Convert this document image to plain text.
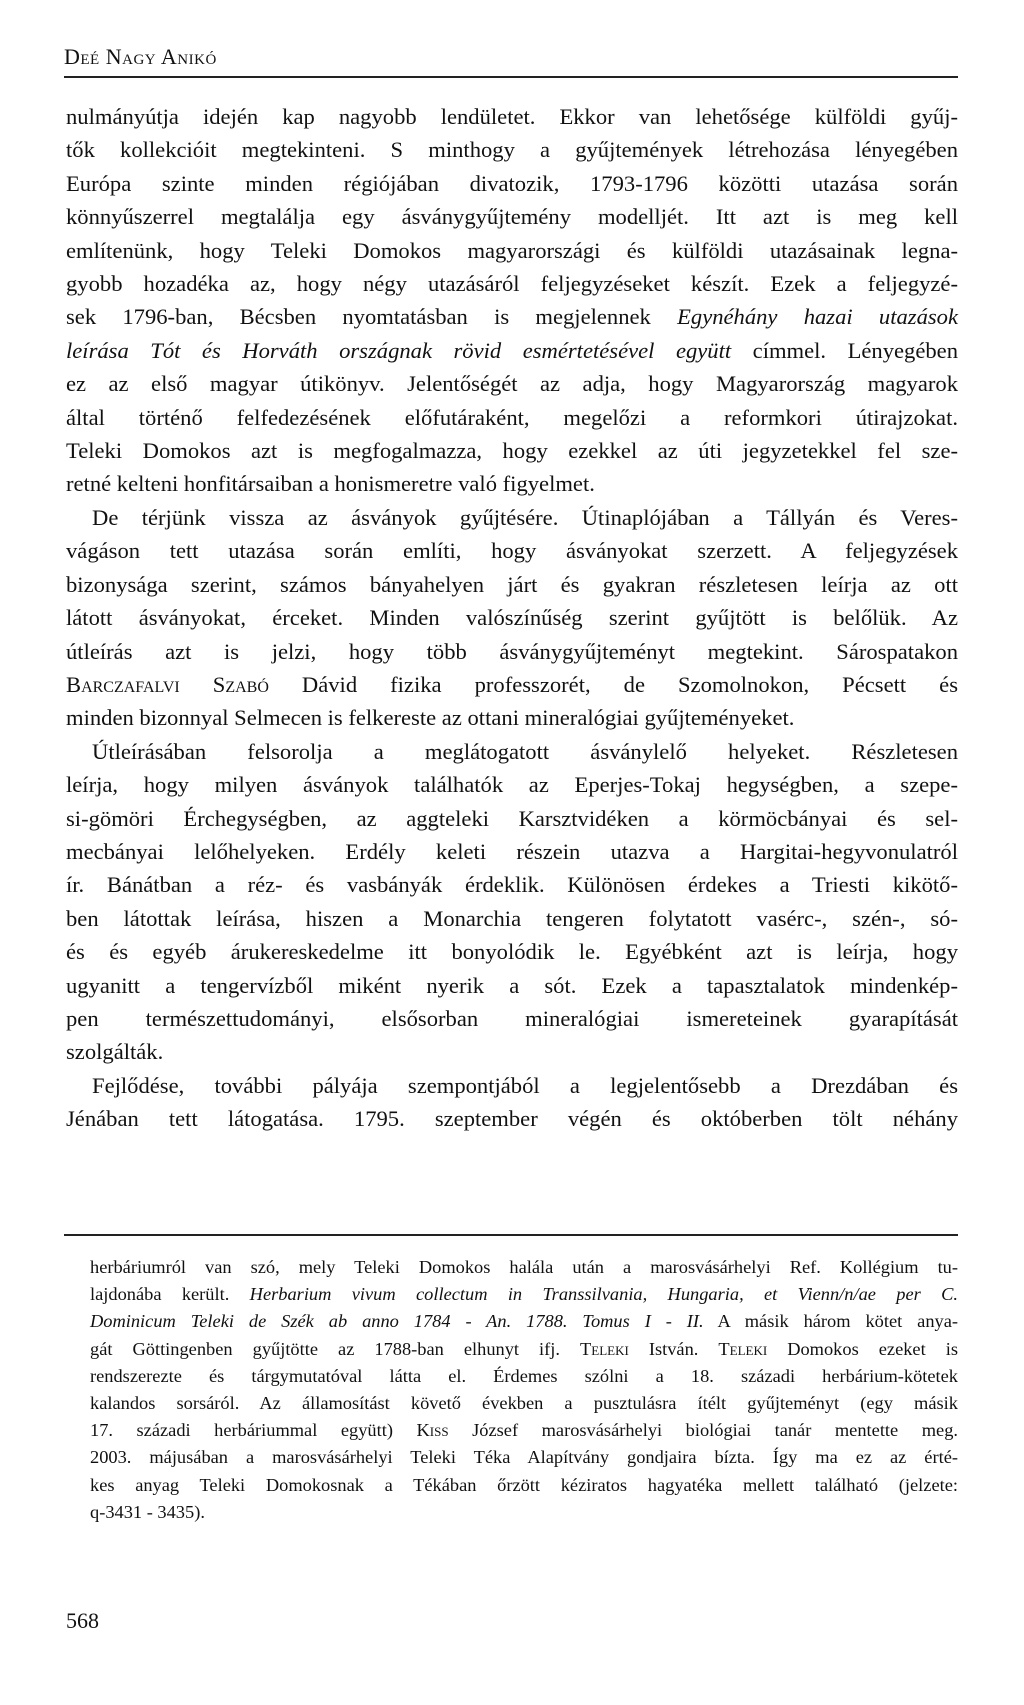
Deé Nagy Anikó
nulmányútja idején kap nagyobb lendületet. Ekkor van lehetősége külföldi gyűj-
tők kollekcióit megtekinteni. S minthogy a gyűjtemények létrehozása lényegében
Európa szinte minden régiójában divatozik, 1793-1796 közötti utazása során
könnyűszerrel megtalálja egy ásványgyűjtemény modelljét. Itt azt is meg kell
említenünk, hogy Teleki Domokos magyarországi és külföldi utazásainak legna-
gyobb hozadéka az, hogy négy utazásáról feljegyzéseket készít. Ezek a feljegyzé-
sek 1796-ban, Bécsben nyomtatásban is megjelennek Egynéhány hazai utazások
leírása Tót és Horváth országnak rövid esmértetésével együtt címmel. Lényegében
ez az első magyar útikönyv. Jelentőségét az adja, hogy Magyarország magyarok
által történő felfedezésének előfutáraként, megelőzi a reformkori útirajzokat.
Teleki Domokos azt is megfogalmazza, hogy ezekkel az úti jegyzetekkel fel sze-
retné kelteni honfitársaiban a honismeretre való figyelmet.
De térjünk vissza az ásványok gyűjtésére. Útinaplójában a Tállyán és Veres-
vágáson tett utazása során említi, hogy ásványokat szerzett. A feljegyzések
bizonysága szerint, számos bányahelyen járt és gyakran részletesen leírja az ott
látott ásványokat, érceket. Minden valószínűség szerint gyűjtött is belőlük. Az
útleírás azt is jelzi, hogy több ásványgyűjteményt megtekint. Sárospatakon
Barczafalvi Szabó Dávid fizika professzorét, de Szomolnokon, Pécsett és
minden bizonnyal Selmecen is felkereste az ottani mineralógiai gyűjteményeket.
Útleírásában felsorolja a meglátogatott ásványlelő helyeket. Részletesen
leírja, hogy milyen ásványok találhatók az Eperjes-Tokaj hegységben, a szepe-
si-gömöri Érchegységben, az aggteleki Karsztvidéken a körmöcbányai és sel-
mecbányai lelőhelyeken. Erdély keleti részein utazva a Hargitai-hegyvonulatról
ír. Bánátban a réz- és vasbányák érdeklik. Különösen érdekes a Triesti kikötő-
ben látottak leírása, hiszen a Monarchia tengeren folytatott vasérc-, szén-, só-
és és egyéb árukereskedelme itt bonyolódik le. Egyébként azt is leírja, hogy
ugyanitt a tengervízből miként nyerik a sót. Ezek a tapasztalatok mindenkép-
pen természettudományi, elsősorban mineralógiai ismereteinek gyarapítását
szolgálták.
Fejlődése, további pályája szempontjából a legjelentősebb a Drezdában és
Jénában tett látogatása. 1795. szeptember végén és októberben tölt néhány
herbáriumról van szó, mely Teleki Domokos halála után a marosvásárhelyi Ref. Kollégium tu-
lajdonába került. Herbarium vivum collectum in Transsilvania, Hungaria, et Vienn/n/ae per C.
Dominicum Teleki de Szék ab anno 1784 - An. 1788. Tomus I - II. A másik három kötet anya-
gát Göttingenben gyűjtötte az 1788-ban elhunyt ifj. Teleki István. Teleki Domokos ezeket is
rendszerezte és tárgymutatóval látta el. Érdemes szólni a 18. századi herbárium-kötetek
kalandos sorsáról. Az államosítást követő években a pusztulásra ítélt gyűjteményt (egy másik
17. századi herbáriummal együtt) Kiss József marosvásárhelyi biológiai tanár mentette meg.
2003. májusában a marosvásárhelyi Teleki Téka Alapítvány gondjaira bízta. Így ma ez az érté-
kes anyag Teleki Domokosnak a Tékában őrzött kéziratos hagyatéka mellett található (jelzete:
q-3431 - 3435).
568
